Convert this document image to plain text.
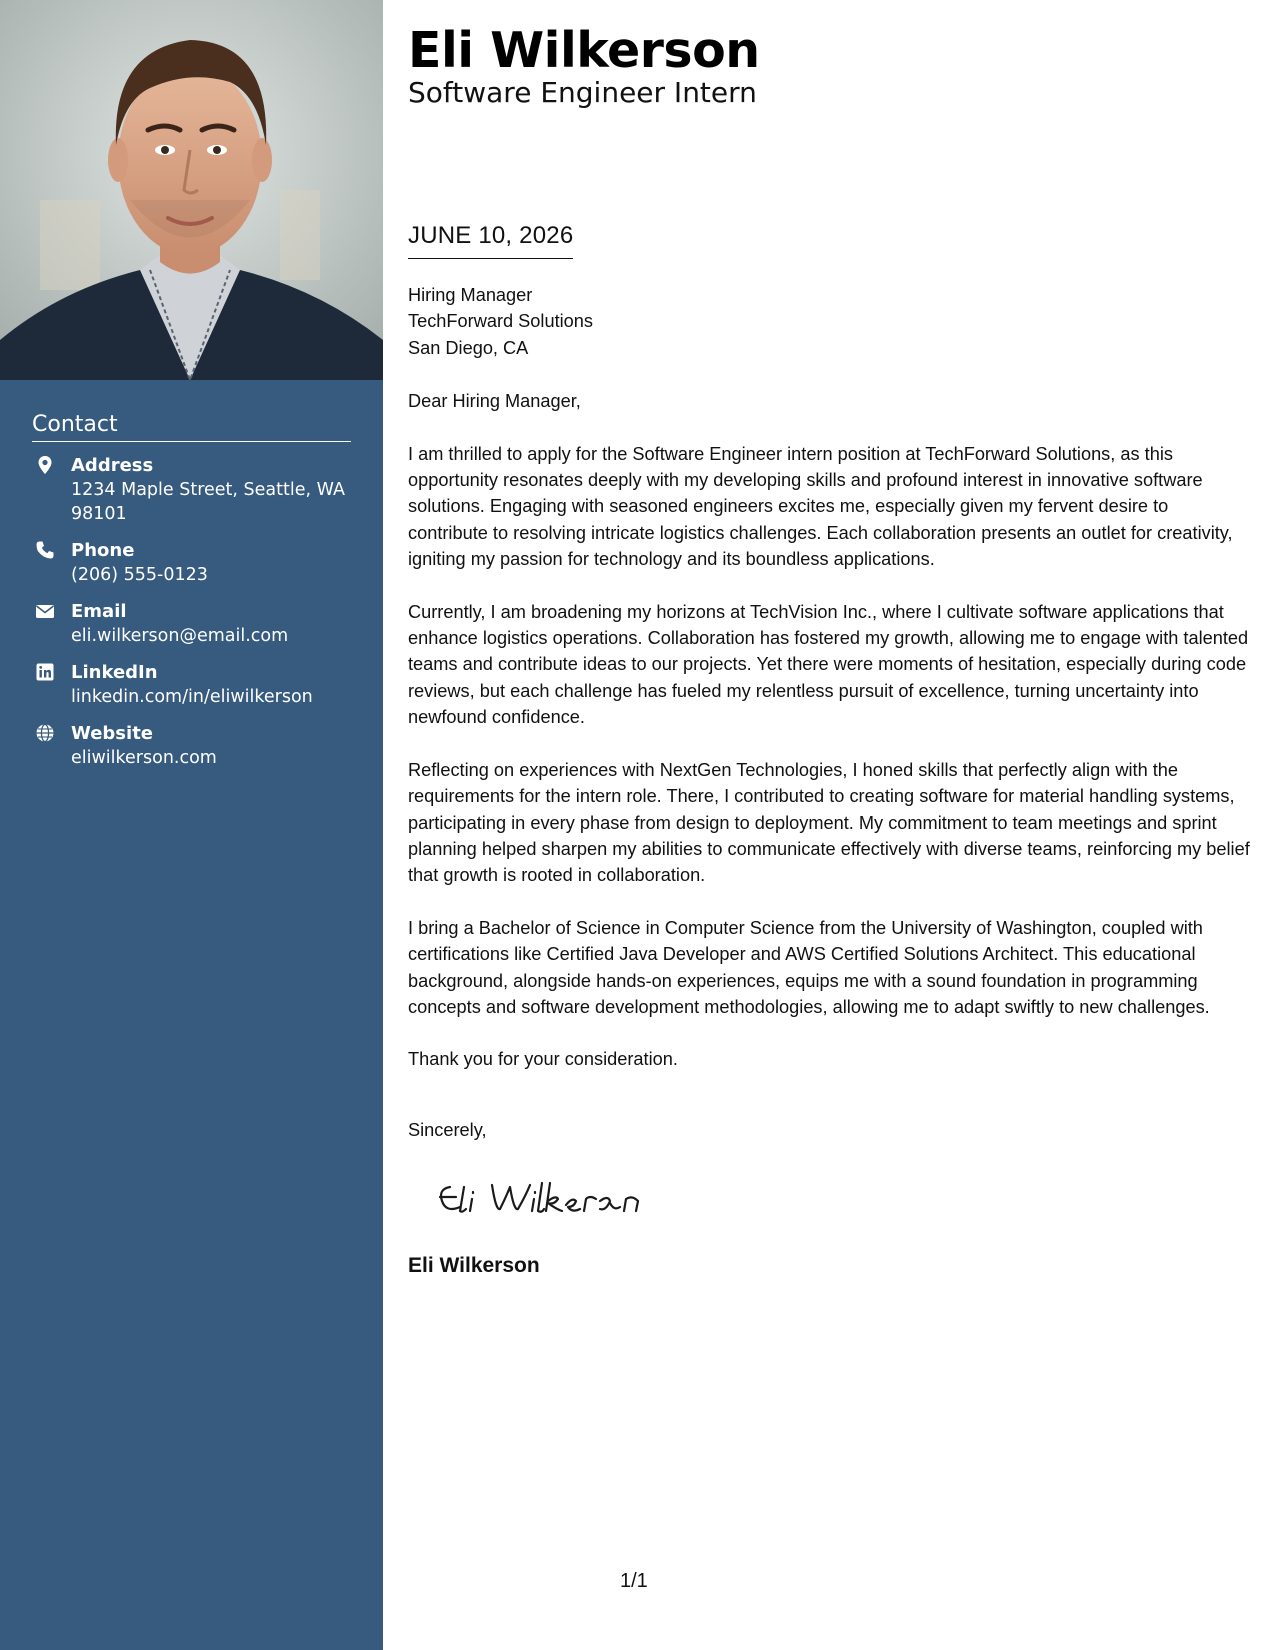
Contact
Address
1234 Maple Street, Seattle, WA 98101
Phone
(206) 555-0123
Email
eli.wilkerson@email.com
LinkedIn
linkedin.com/in/eliwilkerson
Website
eliwilkerson.com
Eli Wilkerson
Software Engineer Intern
JUNE 10, 2026
Hiring Manager
TechForward Solutions
San Diego, CA
Dear Hiring Manager,
I am thrilled to apply for the Software Engineer intern position at TechForward Solutions, as this opportunity resonates deeply with my developing skills and profound interest in innovative software solutions. Engaging with seasoned engineers excites me, especially given my fervent desire to contribute to resolving intricate logistics challenges. Each collaboration presents an outlet for creativity, igniting my passion for technology and its boundless applications.
Currently, I am broadening my horizons at TechVision Inc., where I cultivate software applications that enhance logistics operations. Collaboration has fostered my growth, allowing me to engage with talented teams and contribute ideas to our projects. Yet there were moments of hesitation, especially during code reviews, but each challenge has fueled my relentless pursuit of excellence, turning uncertainty into newfound confidence.
Reflecting on experiences with NextGen Technologies, I honed skills that perfectly align with the requirements for the intern role. There, I contributed to creating software for material handling systems, participating in every phase from design to deployment. My commitment to team meetings and sprint planning helped sharpen my abilities to communicate effectively with diverse teams, reinforcing my belief that growth is rooted in collaboration.
I bring a Bachelor of Science in Computer Science from the University of Washington, coupled with certifications like Certified Java Developer and AWS Certified Solutions Architect. This educational background, alongside hands-on experiences, equips me with a sound foundation in programming concepts and software development methodologies, allowing me to adapt swiftly to new challenges.
Thank you for your consideration.
Sincerely,
Eli Wilkerson
1/1
